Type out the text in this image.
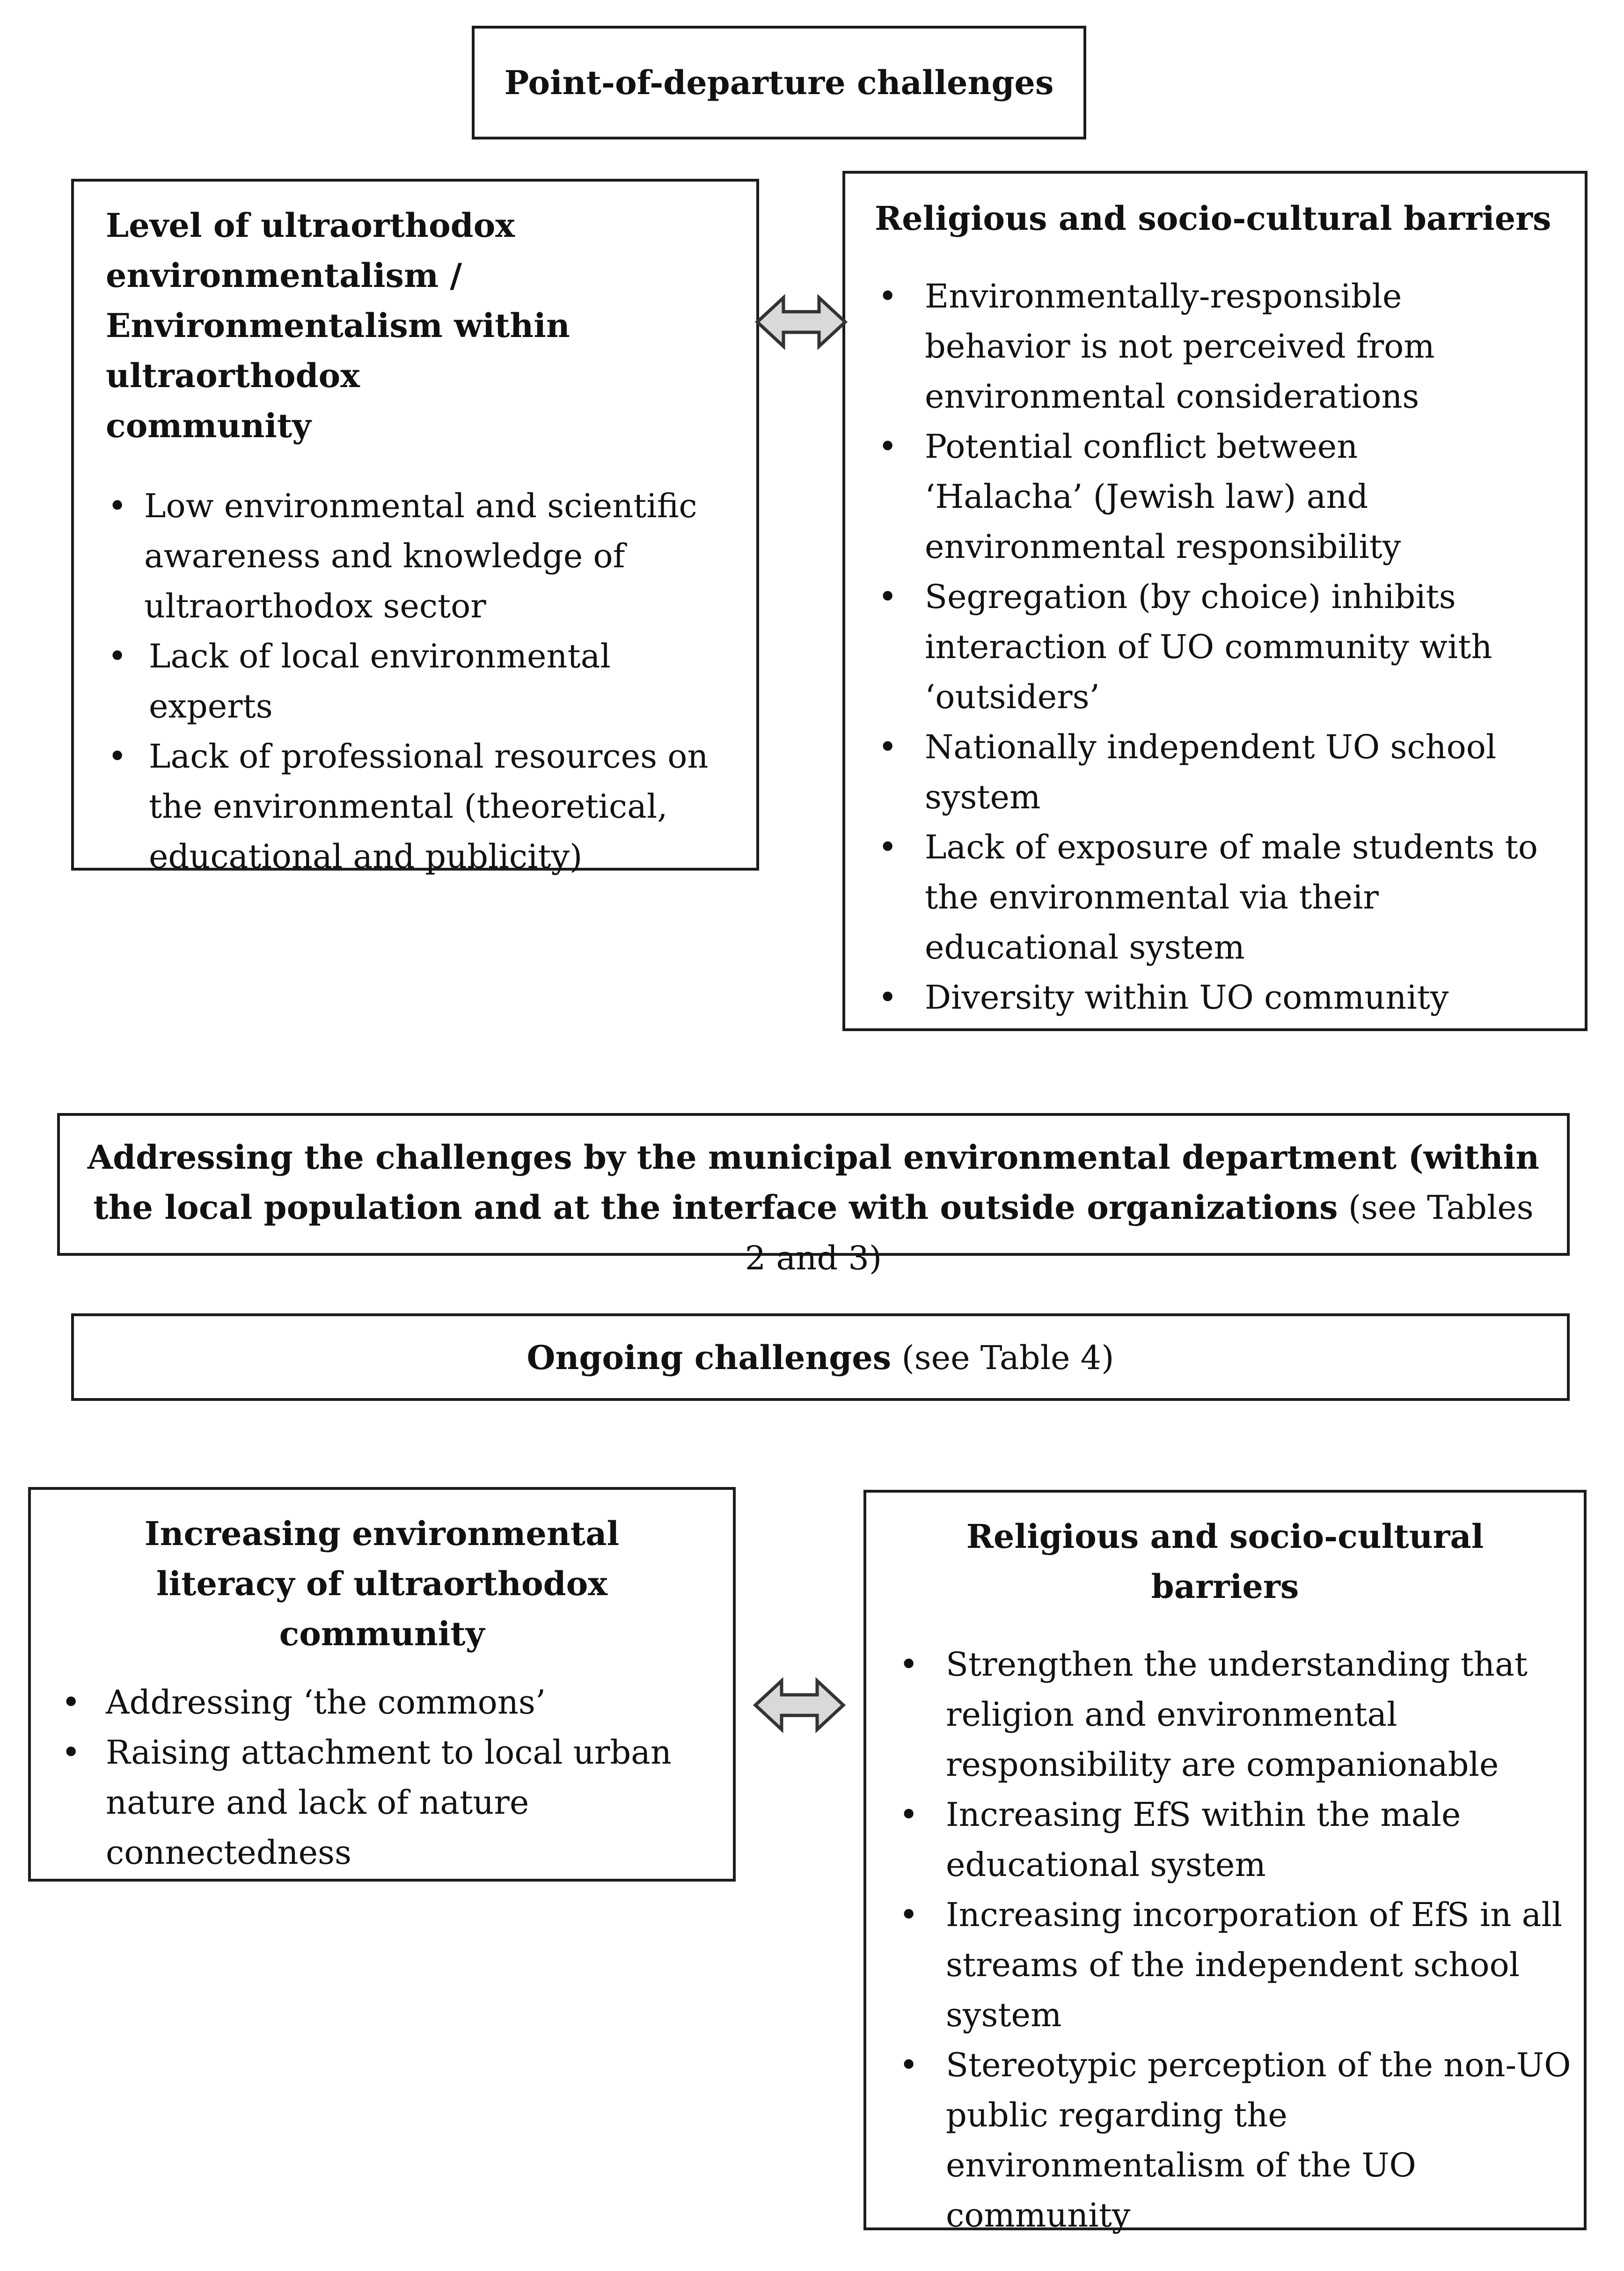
Point-of-departure challenges
Level of ultraorthodox environmentalism / Environmentalism within ultraorthodox community
• Low environmental and scientific awareness and knowledge of ultraorthodox sector
• Lack of local environmental experts
• Lack of professional resources on the environmental (theoretical, educational and publicity)
Religious and socio-cultural barriers
• Environmentally-responsible behavior is not perceived from environmental considerations
• Potential conflict between ‘Halacha’ (Jewish law) and environmental responsibility
• Segregation (by choice) inhibits interaction of UO community with ‘outsiders’
• Nationally independent UO school system
• Lack of exposure of male students to the environmental via their educational system
• Diversity within UO community
Addressing the challenges by the municipal environmental department (within the local population and at the interface with outside organizations (see Tables 2 and 3)
Ongoing challenges (see Table 4)
Increasing environmental literacy of ultraorthodox community
• Addressing ‘the commons’
• Raising attachment to local urban nature and lack of nature connectedness
Religious and socio-cultural barriers
• Strengthen the understanding that religion and environmental responsibility are companionable
• Increasing EfS within the male educational system
• Increasing incorporation of EfS in all streams of the independent school system
• Stereotypic perception of the non-UO public regarding the environmentalism of the UO community
